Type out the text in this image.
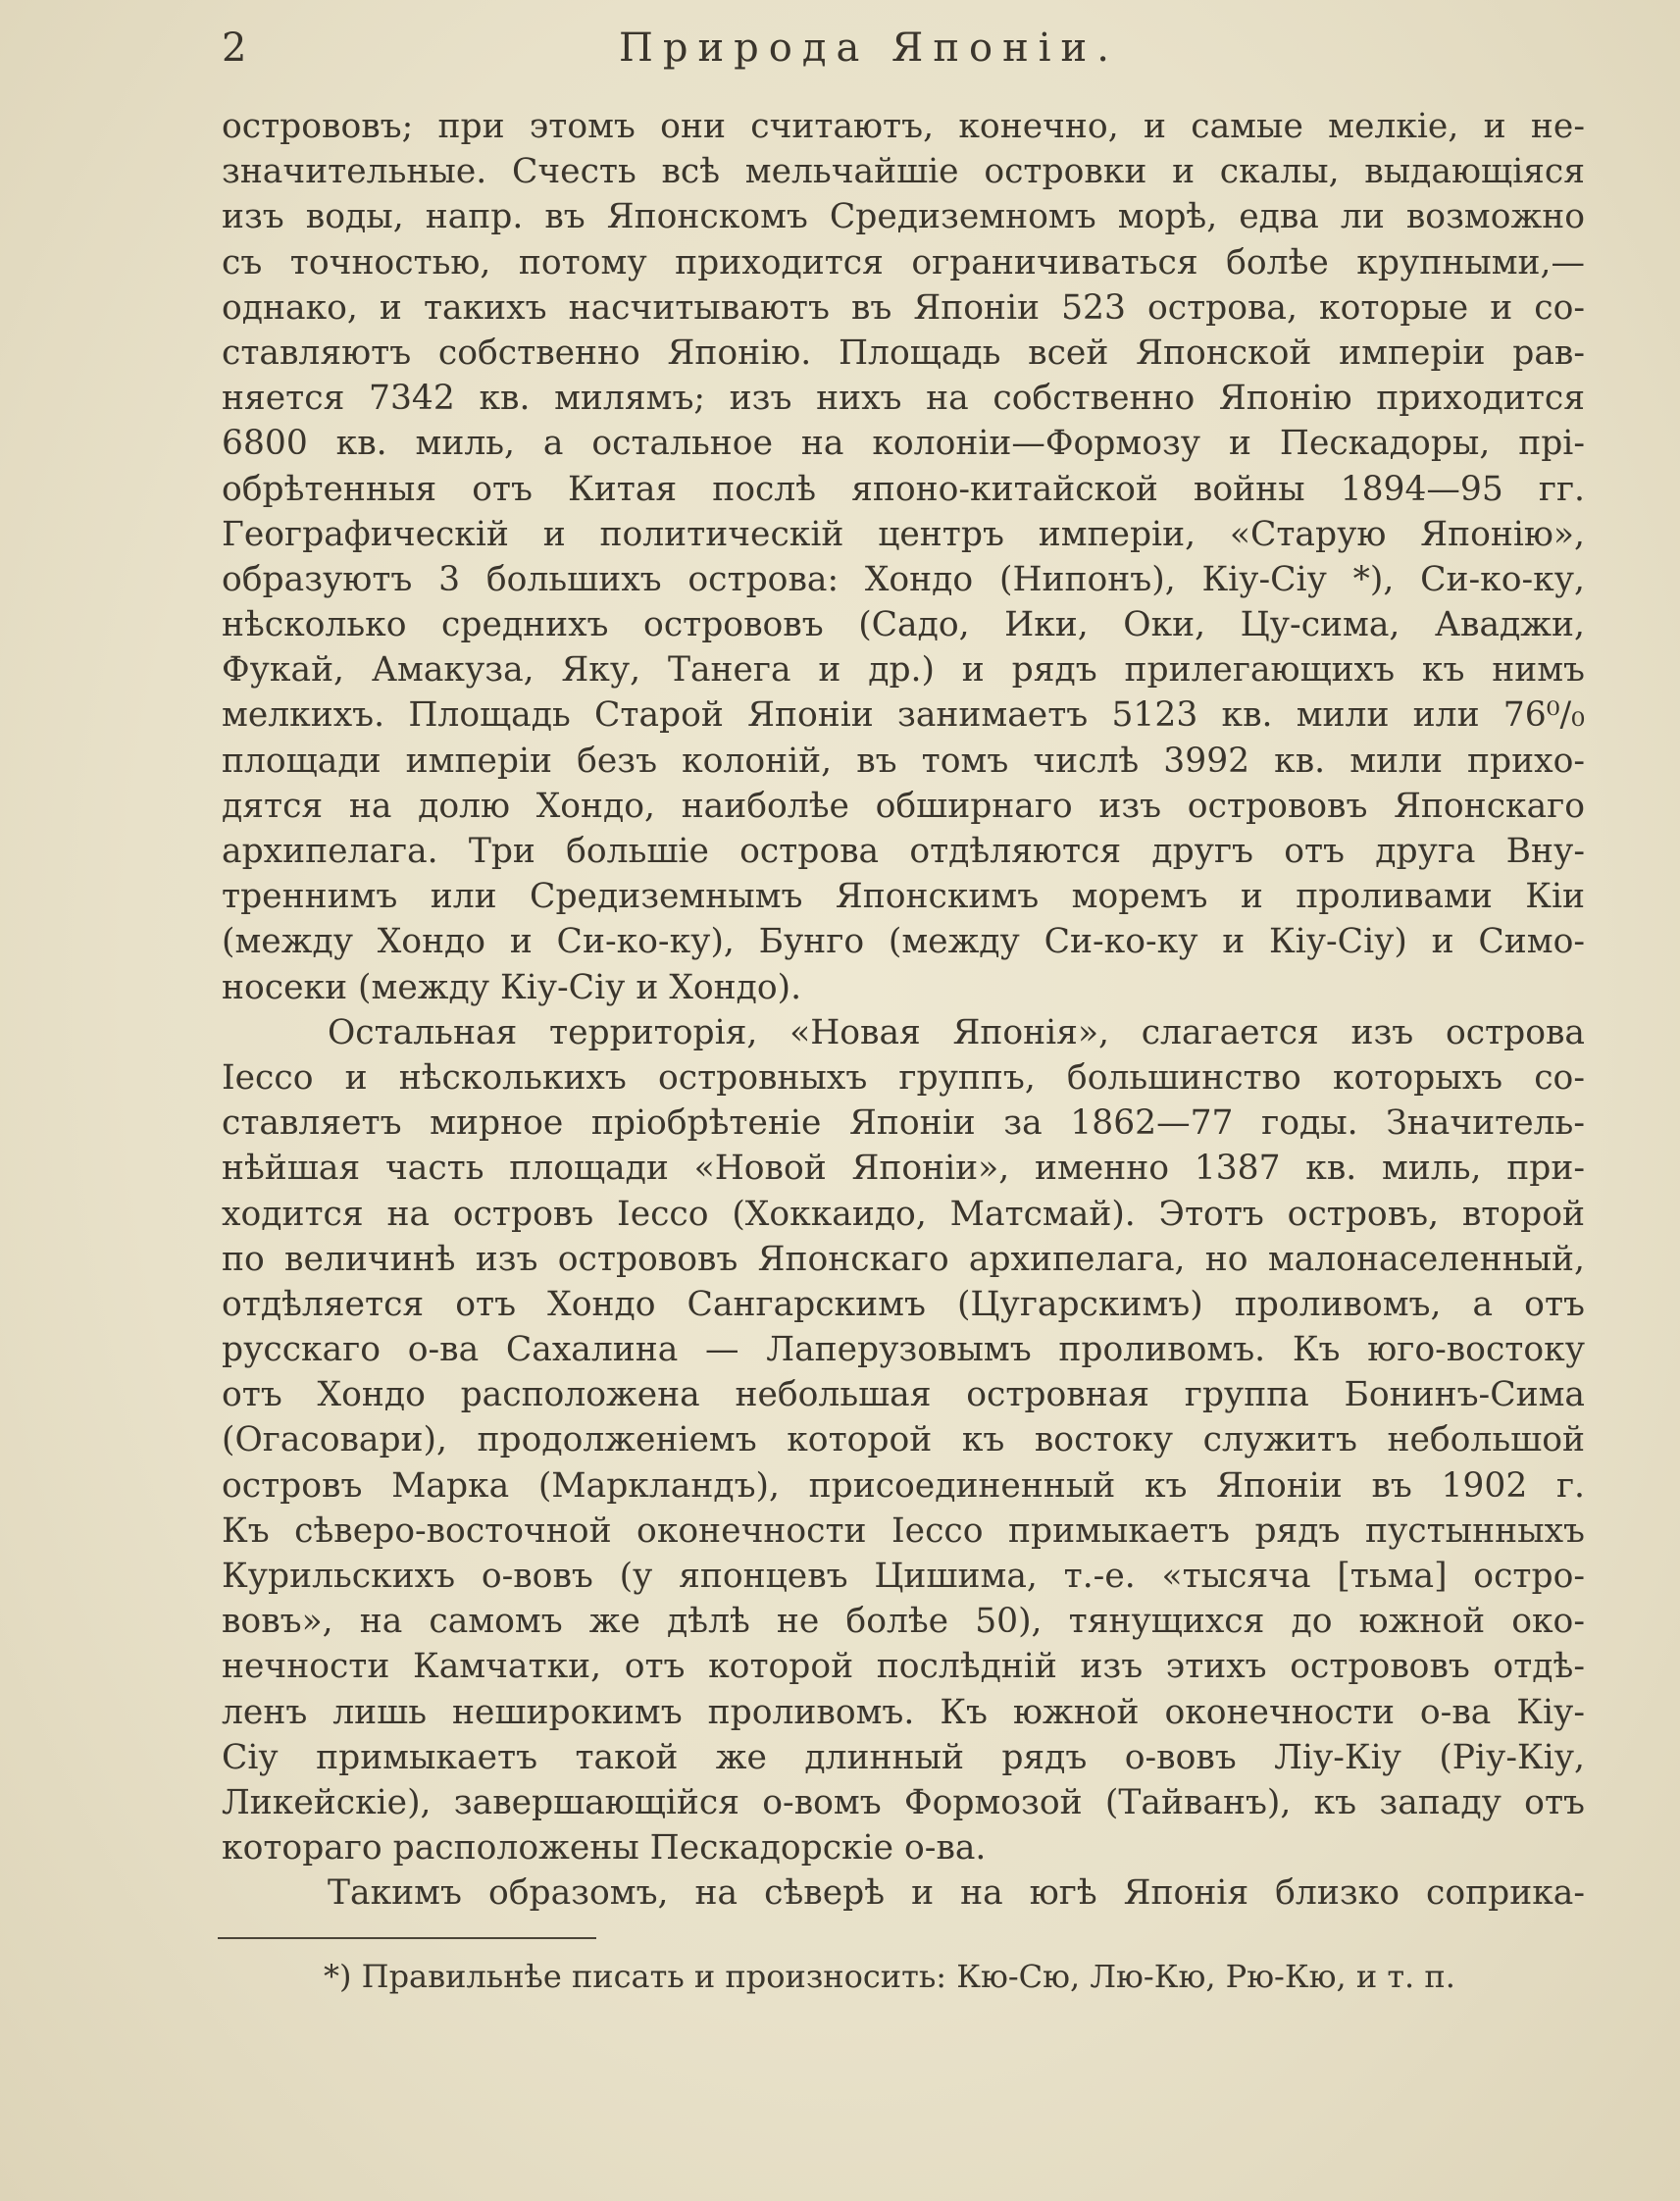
2	Природа Японіи.
острововъ; при этомъ они считаютъ, конечно, и самые мелкіе, и не-
значительные. Счесть всѣ мельчайшіе островки и скалы, выдающіяся
изъ воды, напр. въ Японскомъ Средиземномъ морѣ, едва ли возможно
съ точностью, потому приходится ограничиваться болѣе крупными,—
однако, и такихъ насчитываютъ въ Японіи 523 острова, которые и со-
ставляютъ собственно Японію. Площадь всей Японской имперіи рав-
няется 7342 кв. милямъ; изъ нихъ на собственно Японію приходится
6800 кв. миль, а остальное на колоніи—Формозу и Пескадоры, прі-
обрѣтенныя отъ Китая послѣ японо-китайской войны 1894—95 гг.
Географическій и политическій центръ имперіи, «Старую Японію»,
образуютъ 3 большихъ острова: Хондо (Нипонъ), Кіу-Сіу *), Си-ко-ку,
нѣсколько среднихъ острововъ (Садо, Ики, Оки, Цу-сима, Аваджи,
Фукай, Амакуза, Яку, Танега и др.) и рядъ прилегающихъ къ нимъ
мелкихъ. Площадь Старой Японіи занимаетъ 5123 кв. мили или 76⁰/₀
площади имперіи безъ колоній, въ томъ числѣ 3992 кв. мили прихо-
дятся на долю Хондо, наиболѣе обширнаго изъ острововъ Японскаго
архипелага. Три большіе острова отдѣляются другъ отъ друга Вну-
треннимъ или Средиземнымъ Японскимъ моремъ и проливами Кіи
(между Хондо и Си-ко-ку), Бунго (между Си-ко-ку и Кіу-Сіу) и Симо-
носеки (между Кіу-Сіу и Хондо).
Остальная территорія, «Новая Японія», слагается изъ острова
Іессо и нѣсколькихъ островныхъ группъ, большинство которыхъ со-
ставляетъ мирное пріобрѣтеніе Японіи за 1862—77 годы. Значитель-
нѣйшая часть площади «Новой Японіи», именно 1387 кв. миль, при-
ходится на островъ Іессо (Хоккаидо, Матсмай). Этотъ островъ, второй
по величинѣ изъ острововъ Японскаго архипелага, но малонаселенный,
отдѣляется отъ Хондо Сангарскимъ (Цугарскимъ) проливомъ, а отъ
русскаго о-ва Сахалина — Лаперузовымъ проливомъ. Къ юго-востоку
отъ Хондо расположена небольшая островная группа Бонинъ-Сима
(Огасовари), продолженіемъ которой къ востоку служитъ небольшой
островъ Марка (Маркландъ), присоединенный къ Японіи въ 1902 г.
Къ сѣверо-восточной оконечности Іессо примыкаетъ рядъ пустынныхъ
Курильскихъ о-вовъ (у японцевъ Цишима, т.-е. «тысяча [тьма] остро-
вовъ», на самомъ же дѣлѣ не болѣе 50), тянущихся до южной око-
нечности Камчатки, отъ которой послѣдній изъ этихъ острововъ отдѣ-
ленъ лишь неширокимъ проливомъ. Къ южной оконечности о-ва Кіу-
Сіу примыкаетъ такой же длинный рядъ о-вовъ Ліу-Кіу (Ріу-Кіу,
Ликейскіе), завершающійся о-вомъ Формозой (Тайванъ), къ западу отъ
котораго расположены Пескадорскіе о-ва.
Такимъ образомъ, на сѣверѣ и на югѣ Японія близко соприка-
*) Правильнѣе писать и произносить: Кю-Сю, Лю-Кю, Рю-Кю, и т. п.
